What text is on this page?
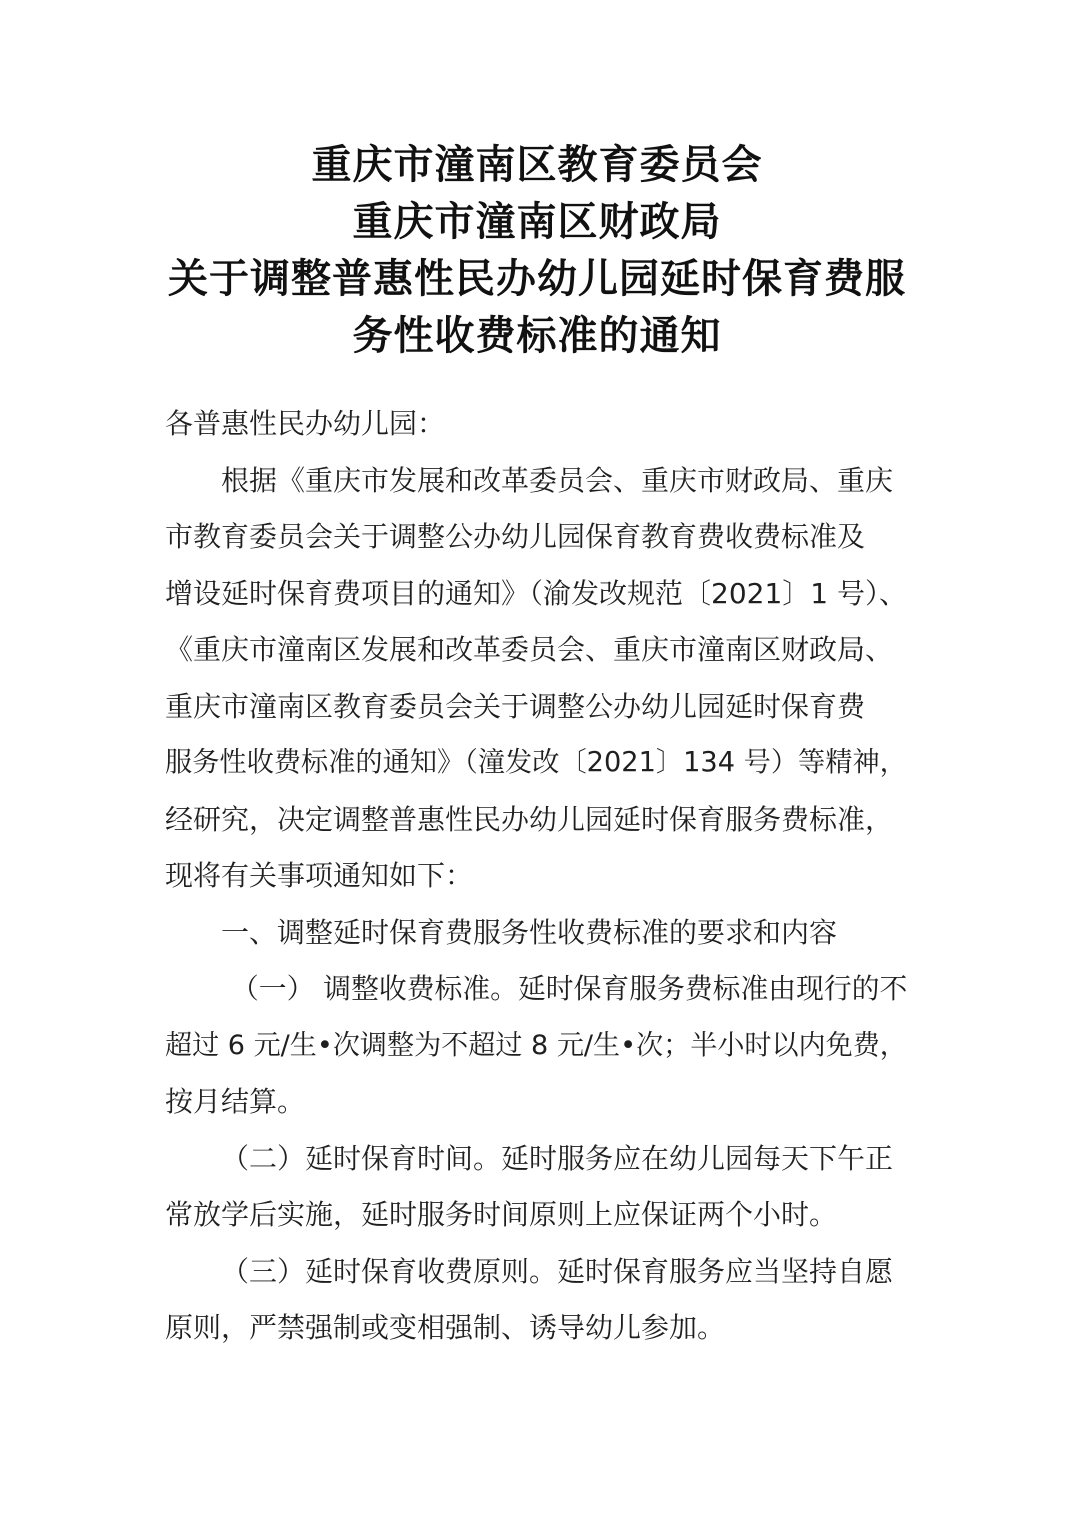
重庆市潼南区教育委员会
重庆市潼南区财政局
关于调整普惠性民办幼儿园延时保育费服
务性收费标准的通知
各普惠性民办幼儿园：
根据《重庆市发展和改革委员会、重庆市财政局、重庆
市教育委员会关于调整公办幼儿园保育教育费收费标准及
增设延时保育费项目的通知》（渝发改规范〔2021〕1 号）、
《重庆市潼南区发展和改革委员会、重庆市潼南区财政局、
重庆市潼南区教育委员会关于调整公办幼儿园延时保育费
服务性收费标准的通知》（潼发改〔2021〕134 号）等精神，
经研究，决定调整普惠性民办幼儿园延时保育服务费标准，
现将有关事项通知如下：
一、调整延时保育费服务性收费标准的要求和内容
（一） 调整收费标准。延时保育服务费标准由现行的不
超过 6 元/生•次调整为不超过 8 元/生•次；半小时以内免费，
按月结算。
（二）延时保育时间。延时服务应在幼儿园每天下午正
常放学后实施，延时服务时间原则上应保证两个小时。
（三）延时保育收费原则。延时保育服务应当坚持自愿
原则，严禁强制或变相强制、诱导幼儿参加。
